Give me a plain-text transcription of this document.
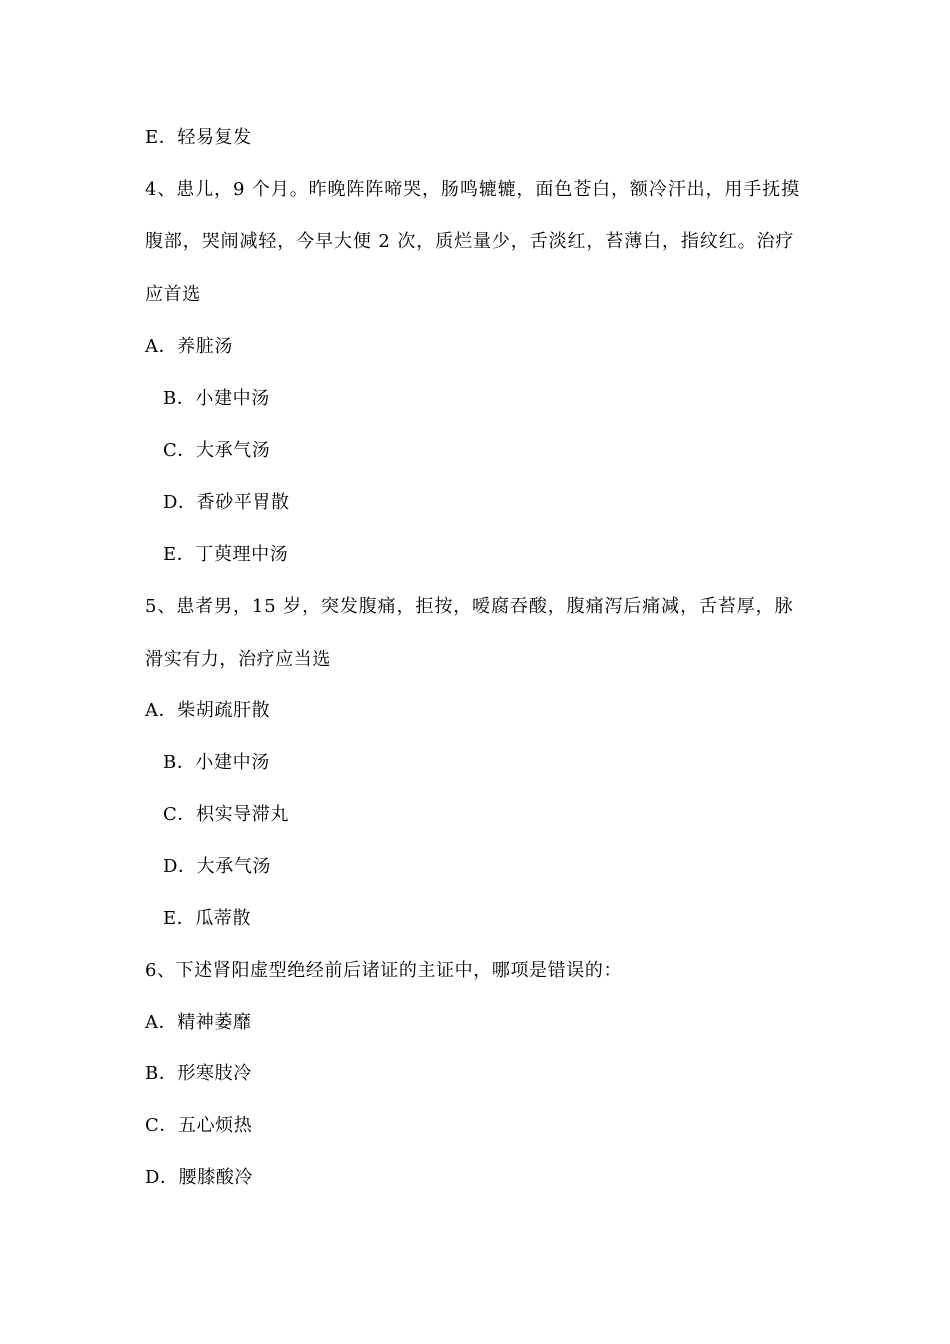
E．轻易复发
4、患儿，9 个月。昨晚阵阵啼哭，肠鸣辘辘，面色苍白，额冷汗出，用手抚摸
腹部，哭闹减轻，今早大便 2 次，质烂量少，舌淡红，苔薄白，指纹红。治疗
应首选
A．养脏汤
B．小建中汤
C．大承气汤
D．香砂平胃散
E．丁萸理中汤
5、患者男，15 岁，突发腹痛，拒按，嗳腐吞酸，腹痛泻后痛减，舌苔厚，脉
滑实有力，治疗应当选
A．柴胡疏肝散
B．小建中汤
C．枳实导滞丸
D．大承气汤
E．瓜蒂散
6、下述肾阳虚型绝经前后诸证的主证中，哪项是错误的：
A．精神萎靡
B．形寒肢冷
C．五心烦热
D．腰膝酸冷
